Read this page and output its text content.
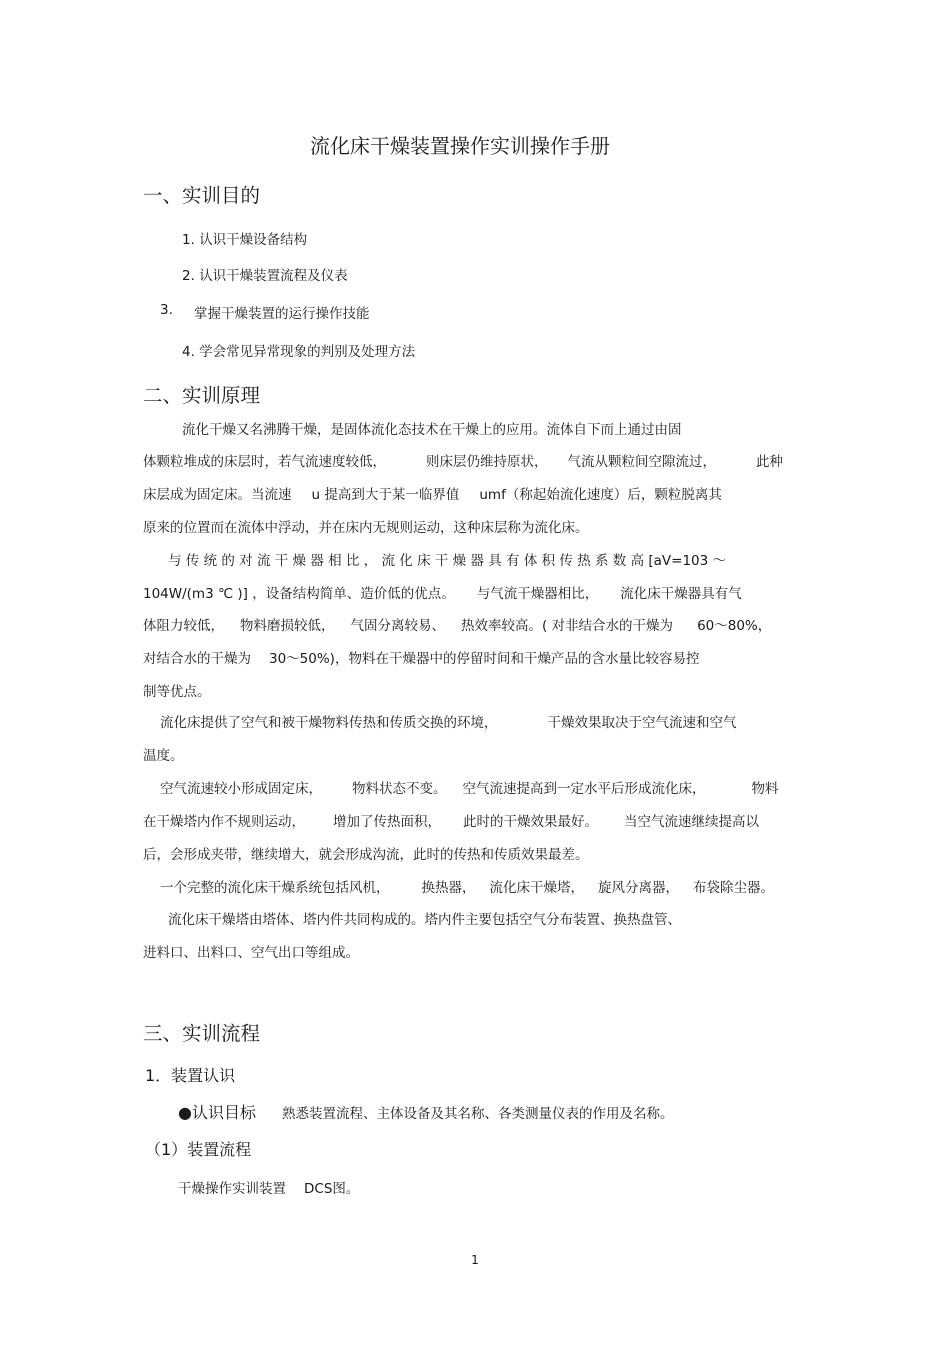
流化床干燥装置操作实训操作手册
一、实训目的
1. 认识干燥设备结构
2. 认识干燥装置流程及仪表
3. 掌握干燥装置的运行操作技能
4. 学会常见异常现象的判别及处理方法
二、实训原理
流化干燥又名沸腾干燥，是固体流化态技术在干燥上的应用。流体自下而上通过由固
体颗粒堆成的床层时，若气流速度较低，	则床层仍维持原状， 气流从颗粒间空隙流过，	此种
床层成为固定床。当流速 u 提高到大于某一临界值 umf（称起始流化速度）后，颗粒脱离其
原来的位置而在流体中浮动，并在床内无规则运动，这种床层称为流化床。
与 传 统 的 对 流 干 燥 器 相 比 ， 流 化 床 干 燥 器 具 有 体 积 传 热 系 数 高 [aV=103 ～
104W/(m3 ℃ )] ，设备结构简单、造价低的优点。 与气流干燥器相比， 流化床干燥器具有气
体阻力较低， 物料磨损较低， 气固分离较易、 热效率较高。( 对非结合水的干燥为 60～80%，
对结合水的干燥为 30～50%)，物料在干燥器中的停留时间和干燥产品的含水量比较容易控
制等优点。
流化床提供了空气和被干燥物料传热和传质交换的环境，	干燥效果取决于空气流速和空气
温度。
空气流速较小形成固定床， 物料状态不变。 空气流速提高到一定水平后形成流化床，	物料
在干燥塔内作不规则运动， 增加了传热面积， 此时的干燥效果最好。 当空气流速继续提高以
后，会形成夹带，继续增大，就会形成沟流，此时的传热和传质效果最差。
一个完整的流化床干燥系统包括风机， 换热器， 流化床干燥塔， 旋风分离器， 布袋除尘器。
流化床干燥塔由塔体、塔内件共同构成的。塔内件主要包括空气分布装置、换热盘管、
进料口、出料口、空气出口等组成。
三、实训流程
1．装置认识
●认识目标 熟悉装置流程、主体设备及其名称、各类测量仪表的作用及名称。
（1）装置流程
干燥操作实训装置 DCS图。
1
